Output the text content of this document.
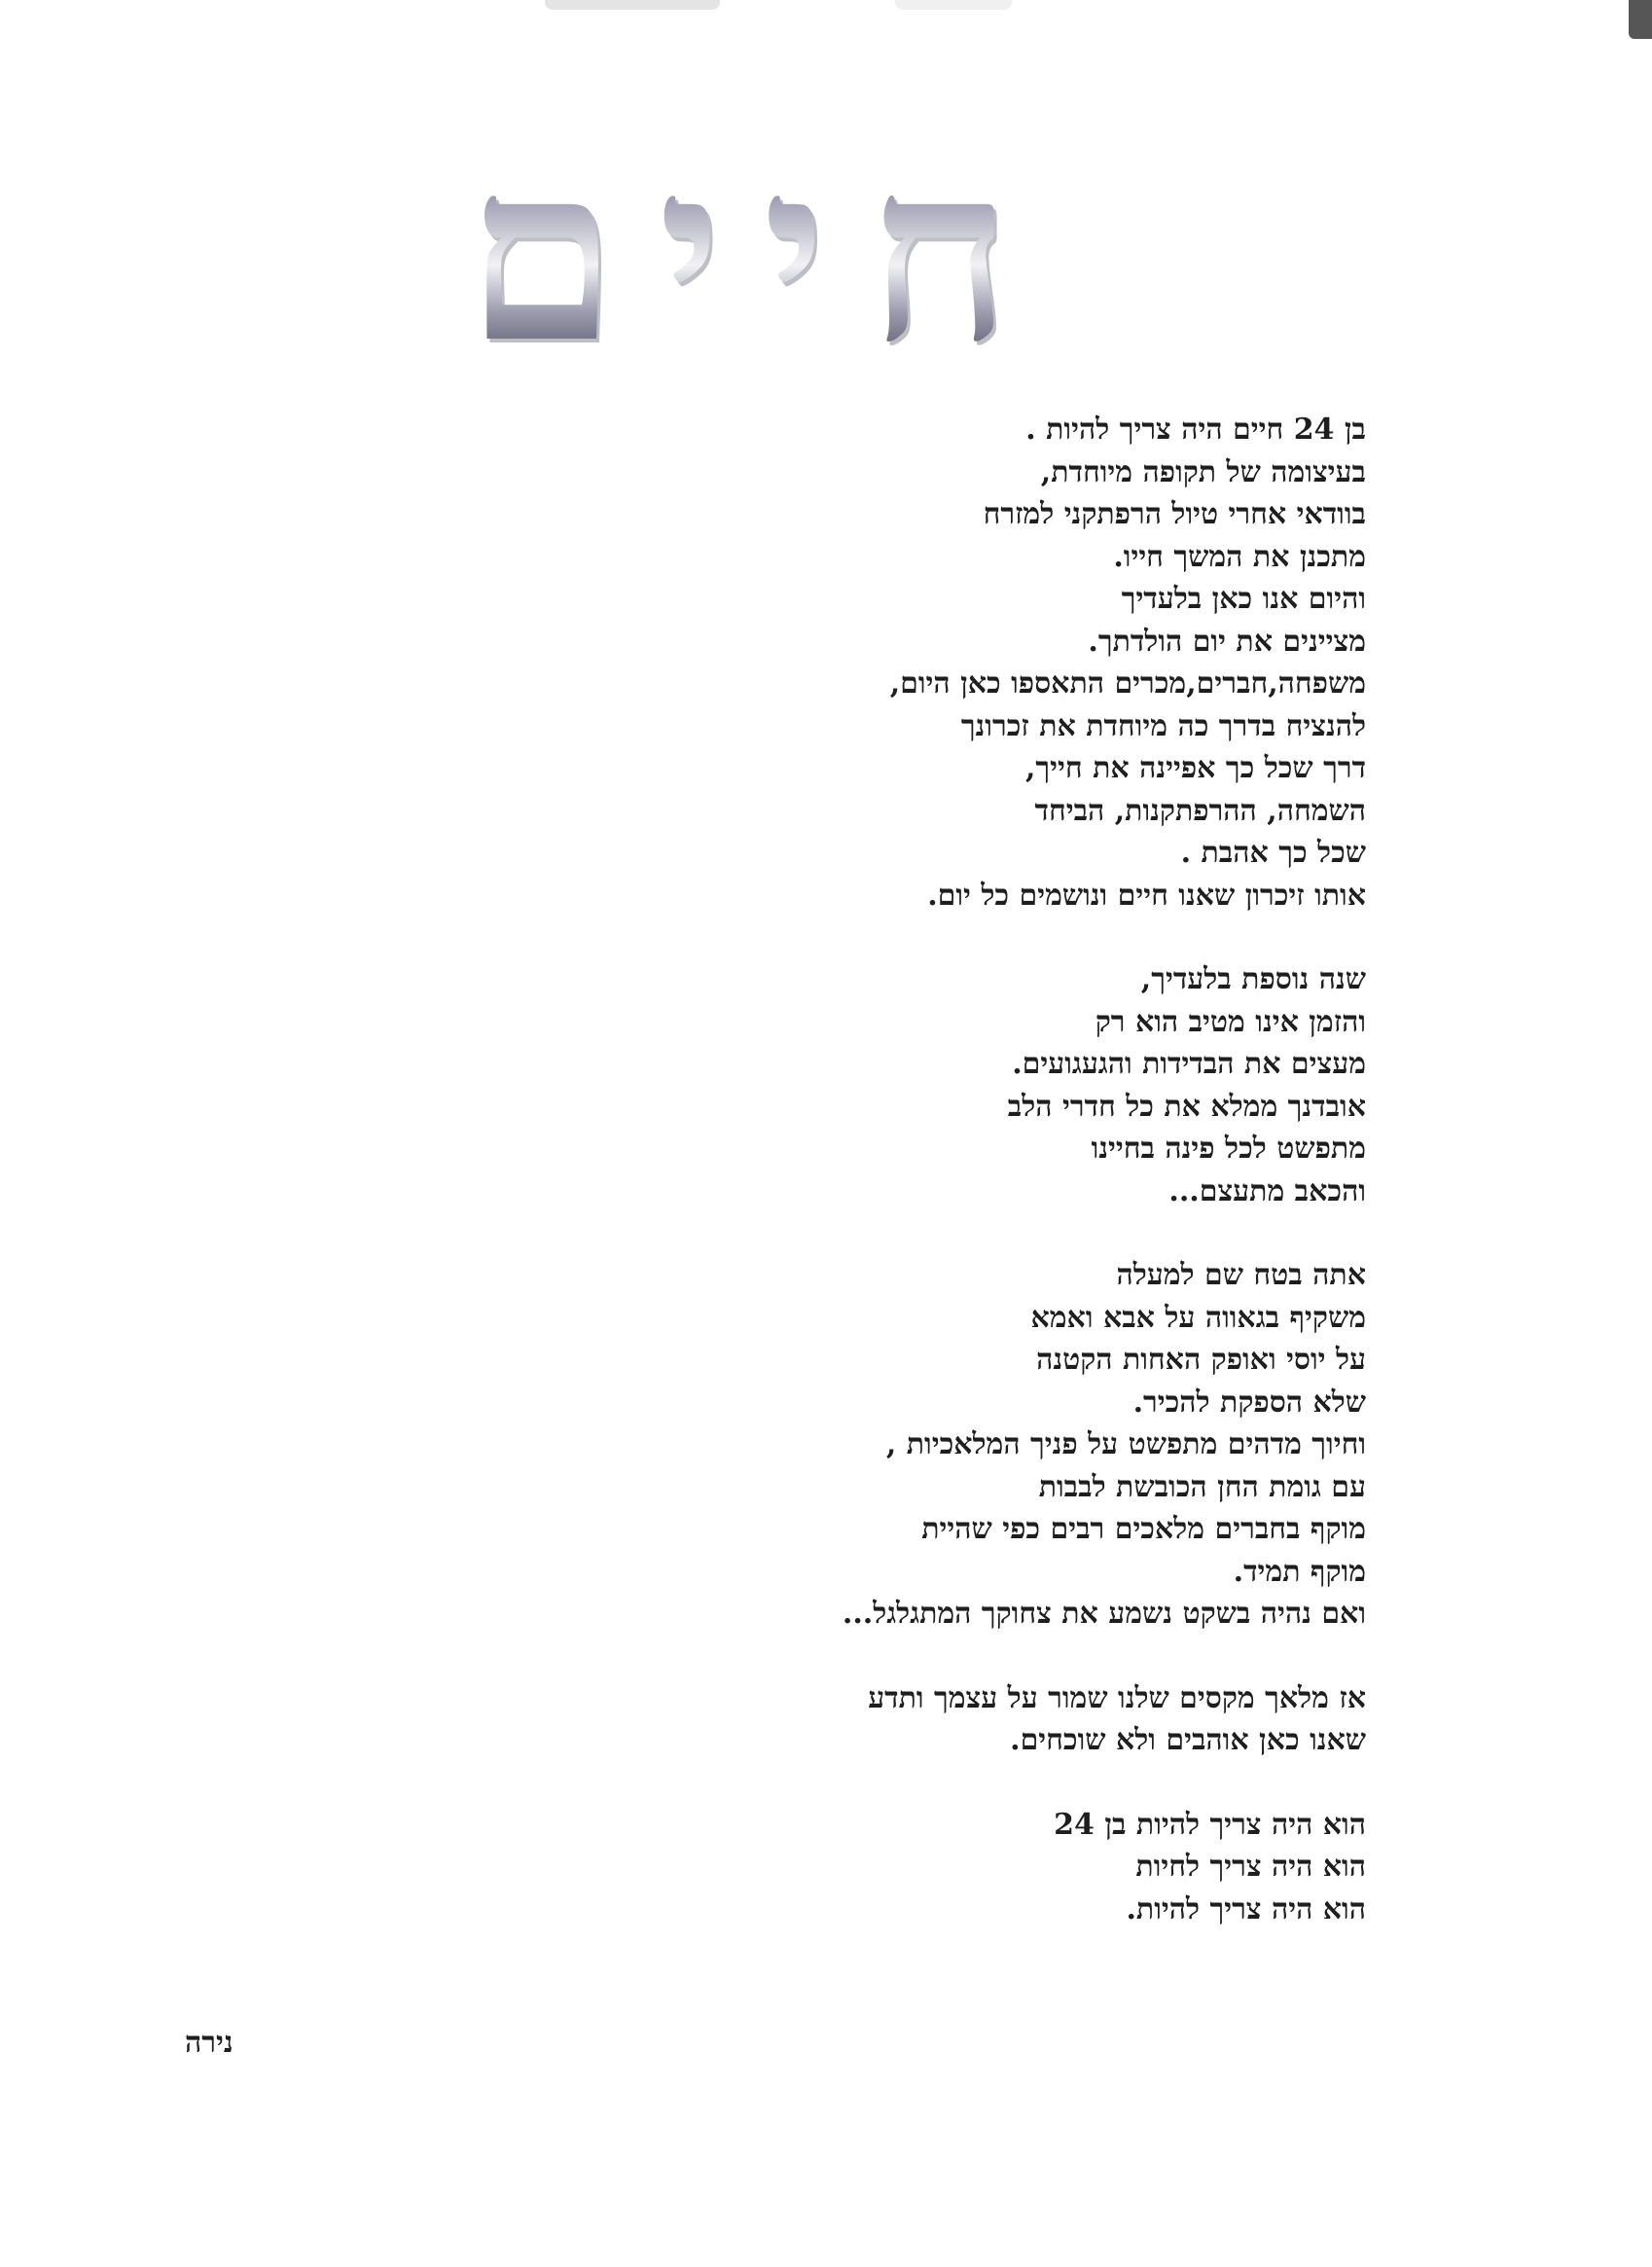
חיים
בן 24 חיים היה צריך להיות .
בעיצומה של תקופה מיוחדת,
בוודאי אחרי טיול הרפתקני למזרח
מתכנן את המשך חייו.
והיום אנו כאן בלעדיך
מציינים את יום הולדתך.
משפחה,חברים,מכרים התאספו כאן היום,
להנציח בדרך כה מיוחדת את זכרונך
דרך שכל כך אפיינה את חייך,
השמחה, ההרפתקנות, הביחד
שכל כך אהבת .
אותו זיכרון שאנו חיים ונושמים כל יום.
שנה נוספת בלעדיך,
והזמן אינו מטיב הוא רק
מעצים את הבדידות והגעגועים.
אובדנך ממלא את כל חדרי הלב
מתפשט לכל פינה בחיינו
והכאב מתעצם...
אתה בטח שם למעלה
משקיף בגאווה על אבא ואמא
על יוסי ואופק האחות הקטנה
שלא הספקת להכיר.
וחיוך מדהים מתפשט על פניך המלאכיות ,
עם גומת החן הכובשת לבבות
מוקף בחברים מלאכים רבים כפי שהיית
מוקף תמיד.
ואם נהיה בשקט נשמע את צחוקך המתגלגל...
אז מלאך מקסים שלנו שמור על עצמך ותדע
שאנו כאן אוהבים ולא שוכחים.
הוא היה צריך להיות בן 24
הוא היה צריך לחיות
הוא היה צריך להיות.
נירה
